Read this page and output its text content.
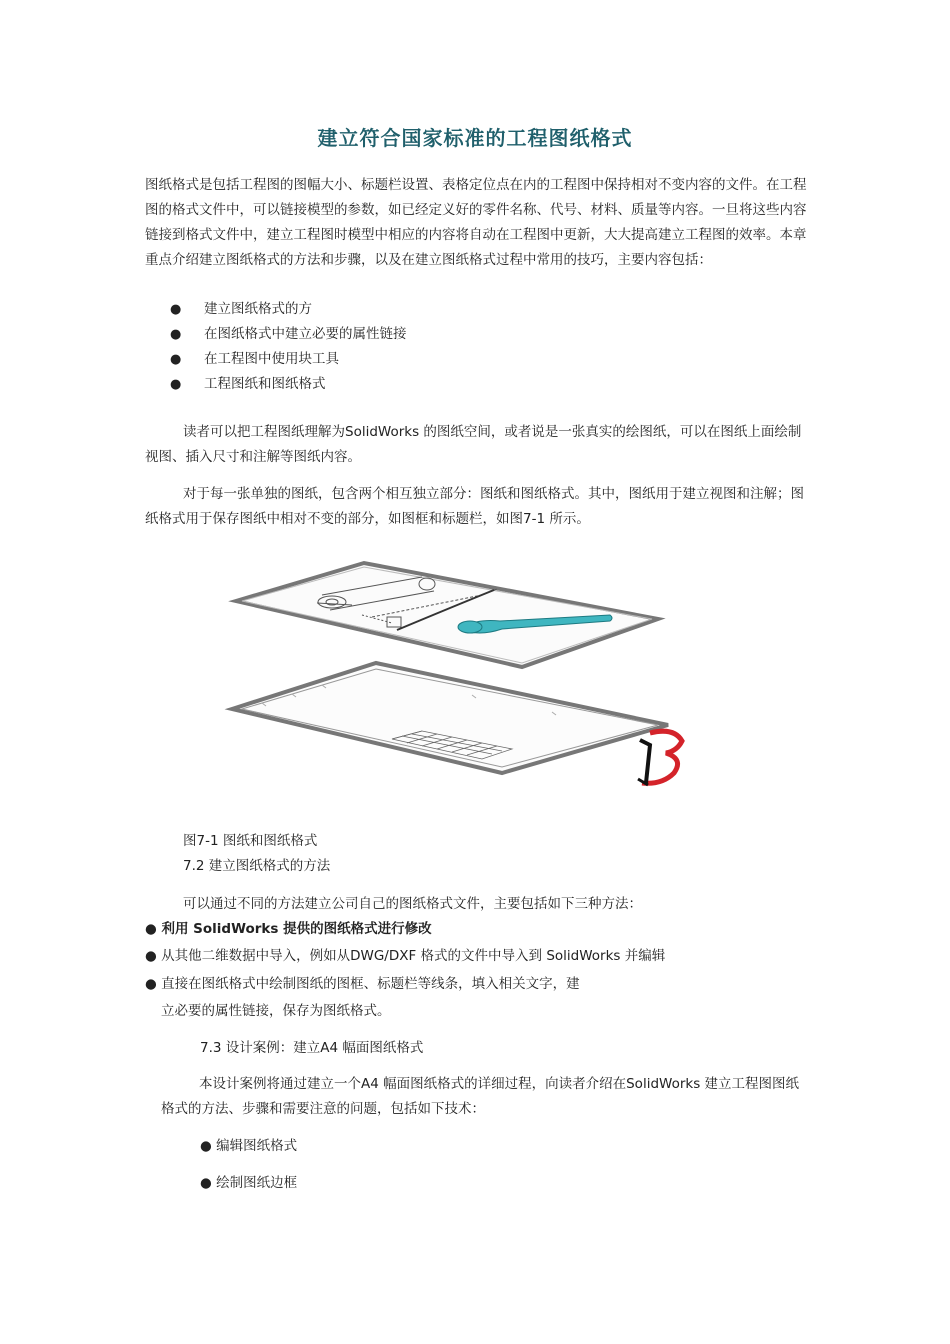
建立符合国家标准的工程图纸格式
图纸格式是包括工程图的图幅大小、标题栏设置、表格定位点在内的工程图中保持相对不变内容的文件。在工程图的格式文件中，可以链接模型的参数，如已经定义好的零件名称、代号、材料、质量等内容。一旦将这些内容链接到格式文件中，建立工程图时模型中相应的内容将自动在工程图中更新，大大提高建立工程图的效率。本章重点介绍建立图纸格式的方法和步骤，以及在建立图纸格式过程中常用的技巧，主要内容包括：
● 建立图纸格式的方
● 在图纸格式中建立必要的属性链接
● 在工程图中使用块工具
● 工程图纸和图纸格式
读者可以把工程图纸理解为SolidWorks 的图纸空间，或者说是一张真实的绘图纸，可以在图纸上面绘制视图、插入尺寸和注解等图纸内容。
对于每一张单独的图纸，包含两个相互独立部分：图纸和图纸格式。其中，图纸用于建立视图和注解；图纸格式用于保存图纸中相对不变的部分，如图框和标题栏，如图7-1 所示。
图7-1 图纸和图纸格式
7.2 建立图纸格式的方法
可以通过不同的方法建立公司自己的图纸格式文件，主要包括如下三种方法：
● 利用 SolidWorks 提供的图纸格式进行修改
● 从其他二维数据中导入，例如从DWG/DXF 格式的文件中导入到 SolidWorks 并编辑
● 直接在图纸格式中绘制图纸的图框、标题栏等线条，填入相关文字，建
立必要的属性链接，保存为图纸格式。
7.3 设计案例：建立A4 幅面图纸格式
本设计案例将通过建立一个A4 幅面图纸格式的详细过程，向读者介绍在SolidWorks 建立工程图图纸格式的方法、步骤和需要注意的问题，包括如下技术：
● 编辑图纸格式
● 绘制图纸边框
